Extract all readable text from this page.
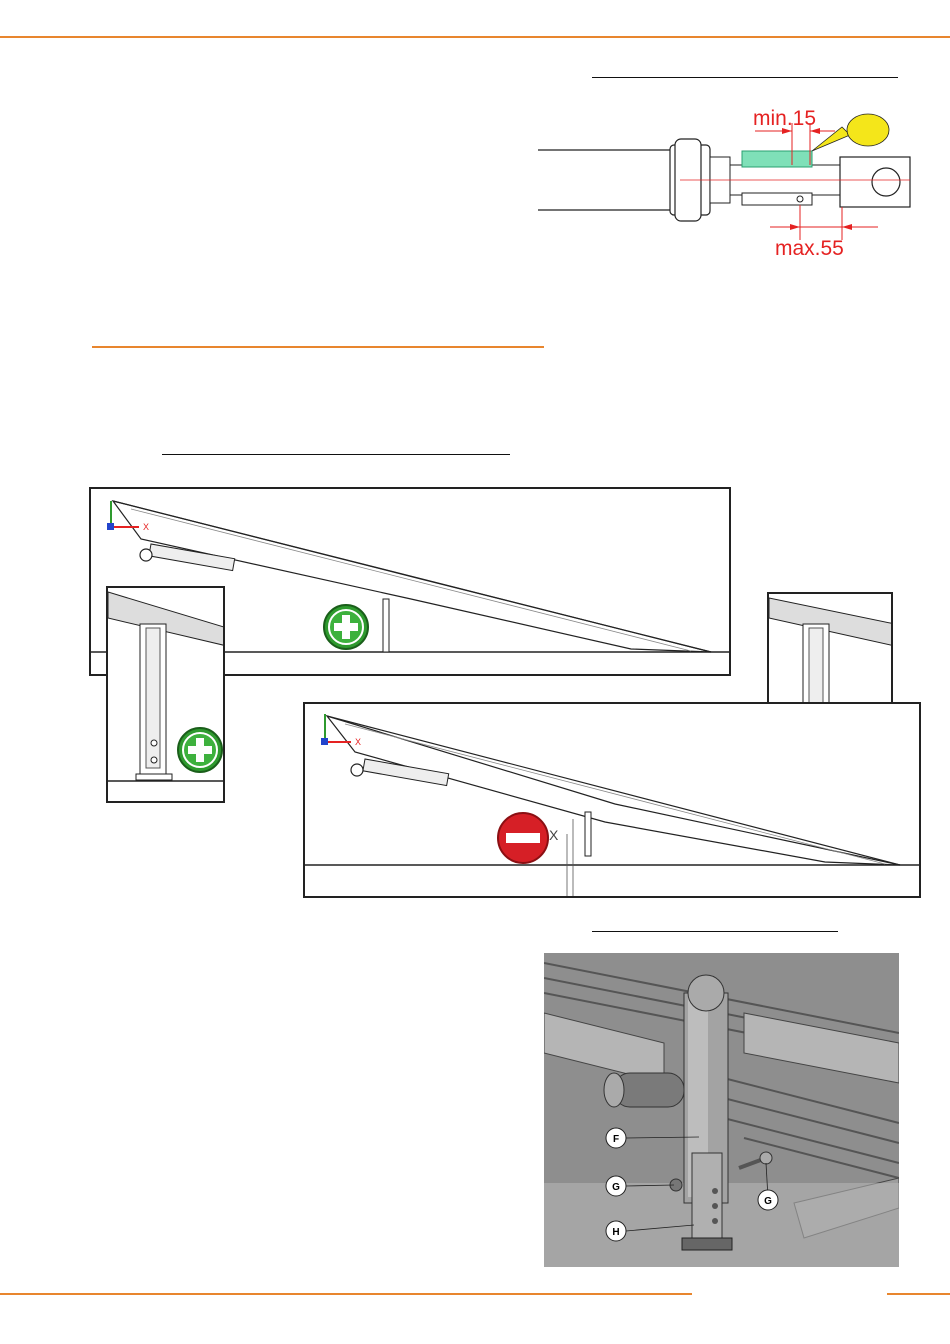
min.15
max.55
X
X
X
F
G
G
H
